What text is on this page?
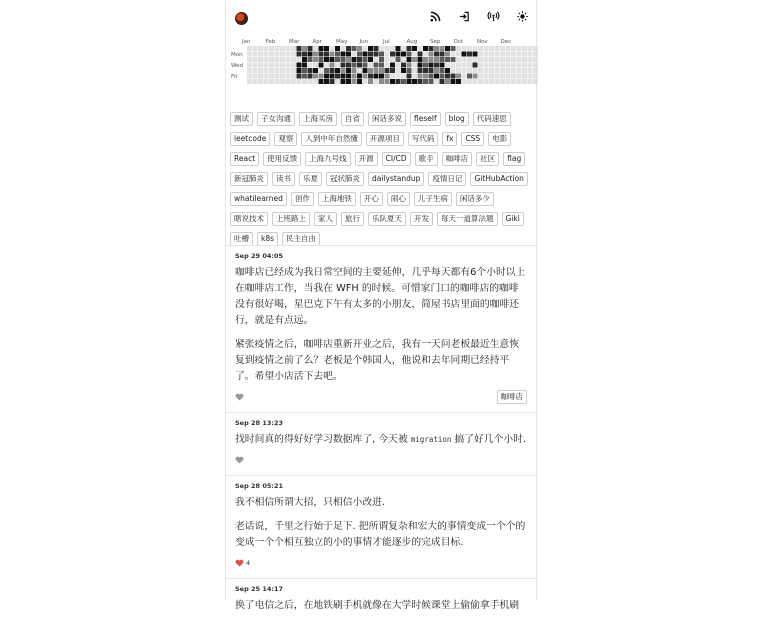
Jan	Feb	Mar Apr	May Jun	Jul	Aug Sep Oct	Nov Dec
Mon
Wed
Fri
测试	子女沟通	上海买房	自省	闲话多说	fleself	blog	代码速思
leetcode	观察	人到中年自然懂	开源项目	写代码	fx	CSS	电影
React	使用反馈	上海九号线	开源	CI/CD	歌手	咖啡店	社区	flag
新冠肺炎	读书	乐夏	冠状肺炎	dailystandup	疫情日记	GitHubAction
whatilearned	创作	上海地铁	开心	闹心	儿子生病	闲话多少
瞎说技术	上班路上	家人	旅行	乐队夏天	开发	每天一道算法题	Giki
吐槽	k8s	民主自由
Sep 29 04:05

咖啡店已经成为我日常空间的主要延伸，几乎每天都有6个小时以上在咖啡店工作，当我在 WFH 的时候。可惜家门口的咖啡店的咖啡没有很好喝，星巴克下午有太多的小朋友，简屋书店里面的咖啡还行，就是有点远。

紧张疫情之后，咖啡店重新开业之后，我有一天问老板最近生意恢复到疫情之前了么？老板是个韩国人，他说和去年同期已经持平了。希望小店活下去吧。

咖啡店
Sep 28 13:23

找时间真的得好好学习数据库了, 今天被 migration 搞了好几个小时.

Sep 28 05:21

我不相信所谓大招，只相信小改进.

老话说，千里之行始于足下. 把所谓复杂和宏大的事情变成一个个的变成一个个相互独立的小的事情才能逐步的完成目标.

4
Sep 25 14:17

换了电信之后，在地铁刷手机就像在大学时候课堂上偷偷拿手机刷
